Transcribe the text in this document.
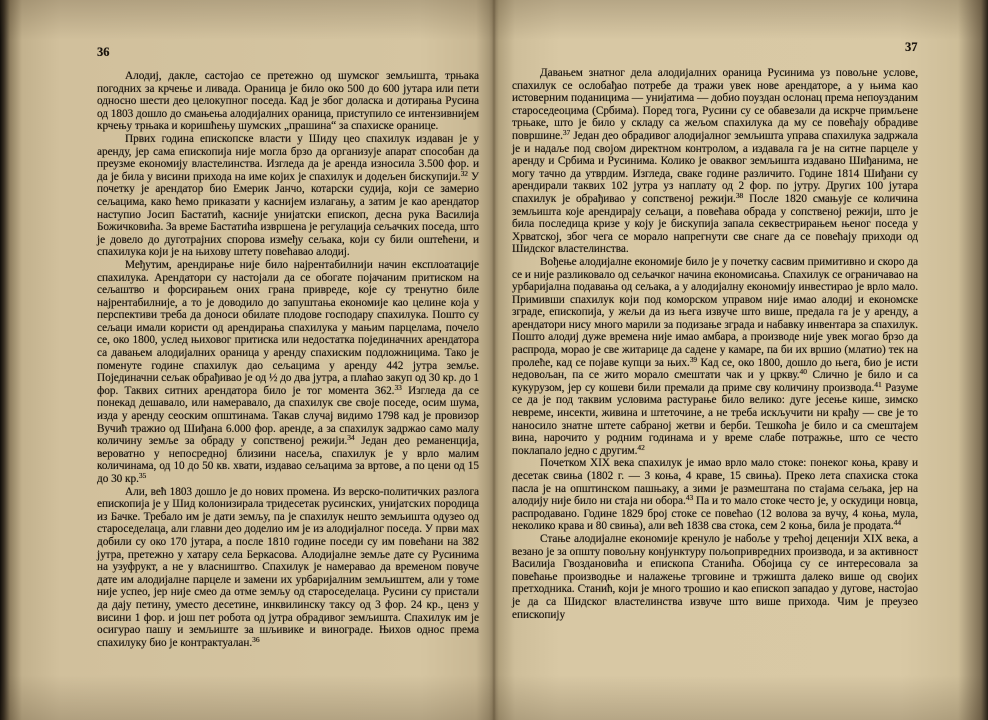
36

Алодиј, дакле, састојао се претежно од шумског земљишта, трњака погодних за крчење и ливада. Ораница је било око 500 до 600 јутара или пети односно шести део целокупног поседа. Кад је због доласка и дотирања Русина од 1803 дошло до смањења алодијалних ораница, приступило се интензивнијем крчењу трњака и коришћењу шумских „прашина“ за спахиске оранице.

Првих година епископске власти у Шиду цео спахилук издаван је у аренду, јер сама епископија није могла брзо да организује апарат способан да преузме економију властелинства. Изгледа да је аренда износила 3.500 фор. и да је била у висини прихода на име којих је спахилук и додељен бискупији.$^{32}$ У почетку је арендатор био Емерик Јанчо, котарски судија, који се замерио сељацима, како ћемо приказати у каснијем излагању, а затим је као арендатор наступио Јосип Бастатић, касније унијатски епископ, десна рука Василија Божичковића. За време Бастатића извршена је регулација сељачких поседа, што је довело до дуготрајних спорова између сељака, који су били оштећени, и спахилука који је на њихову штету повећавао алодиј.

Међутим, арендирање није било најрентабилнији начин експлоатације спахилука. Арендатори су настојали да се обогате појачаним притиском на сељаштво и форсирањем оних грана привреде, које су тренутно биле најрентабилније, а то је доводило до запуштања економије као целине која у перспективи треба да доноси обилате плодове господару спахилука. Пошто су сељаци имали користи од арендирања спахилука у мањим парцелама, почело се, око 1800, услед њиховог притиска или недостатка појединачних арендатора са давањем алодијалних ораница у аренду спахиским подложницима. Тако је поменуте године спахилук дао сељацима у аренду 442 јутра земље. Појединачни сељак обрађивао је од ½ до два јутра, а плаћао закуп од 30 кр. до 1 фор. Таквих ситних арендатора било је тог момента 362.33 Изгледа да се понекад дешавало, или намеравало, да спахилук све своје поседе, осим шума, изда у аренду сеоским општинама. Такав случај видимо 1798 кад је провизор Вучић тражио од Шиђана 6.000 фор. аренде, а за спахилук задржао само малу количину земље за обраду у сопственој режији.$^{34}$ Један део реманенција, вероватно у непосредној близини насеља, спахилук је у врло малим количинама, од 10 до 50 кв. хвати, издавао сељацима за вртове, а по цени од 15 до 30 кр.$^{35}$

Али, већ 1803 дошло је до нових промена. Из верско-политичких разлога епископија је у Шид колонизирала тридесетак русинских, унијатских породица из Бачке. Требало им је дати земљу, па је спахилук нешто земљишта одузео од староседелаца, али главни део доделио им је из алодијалног поседа. У први мах добили су око 170 јутара, а после 1810 године поседи су им повећани на 382 јутра, претежно у хатару села Беркасова. Алодијалне земље дате су Русинима на узуфрукт, а не у власништво. Спахилук је намеравао да временом повуче дате им алодијалне парцеле и замени их урбаријалним земљиштем, али у томе није успео, јер није смео да отме земљу од староседелаца. Русини су пристали да дају петину, уместо десетине, инквилинску таксу од 3 фор. 24 кр., ценз у висини 1 фор. и још пет робота од јутра обрадивог земљишта. Спахилук им је осигурао пашу и земљиште за шљивике и винограде. Њихов однос према спахилуку био је контрактуалан.$^{36}$

37

Давањем знатног дела алодијалних ораница Русинима уз повољне услове, спахилук се ослобађао потребе да тражи увек нове арендаторе, а у њима као истоверним поданицима — унијатима — добио поуздан ослонац према непоузданим староседеоцима (Србима). Поред тога, Русини су се обавезали да искрче примљене трњаке, што је било у складу са жељом спахилука да му се повећају обрадиве површине.$^{37}$ Један део обрадивог алодијалног земљишта управа спахилука задржала је и надаље под својом директном контролом, а издавала га је на ситне парцеле у аренду и Србима и Русинима. Колико је оваквог земљишта издавано Шиђанима, не могу тачно да утврдим. Изгледа, сваке године различито. Године 1814 Шиђани су арендирали таквих 102 јутра уз наплату од 2 фор. по јутру. Других 100 јутара спахилук је обрађивао у сопственој режији.$^{38}$ После 1820 смањује се количина земљишта које арендирају сељаци, а повећава обрада у сопственој режији, што је била последица кризе у коју је бискупија запала секвестрирањем њеног поседа у Хрватској, због чега се морало напрегнути све снаге да се повећају приходи од Шидског властелинства.

Вођење алодијалне економије било је у почетку сасвим примитивно и скоро да се и није разликовало од сељачког начина економисања. Спахилук се ограничавао на урбаријална подавања од сељака, а у алодијалну економију инвестирао је врло мало. Примивши спахилук који под коморском управом није имао алодиј и економске зграде, епископија, у жељи да из њега извуче што више, предала га је у аренду, а арендатори нису много марили за подизање зграда и набавку инвентара за спахилук. Пошто алодиј дуже времена није имао амбара, а производе није увек могао брзо да распрода, морао је све житарице да садене у камаре, па би их вршио (млатио) тек на пролеће, кад се појаве купци за њих.$^{39}$ Кад се, око 1800, дошло до њега, био је исти недовољан, па се жито морало смештати чак и у цркву.$^{40}$ Слично је било и са кукурузом, јер су кошеви били премали да приме сву количину производа.$^{41}$ Разуме се да је под таквим условима растурање било велико: дуге јесење кише, зимско невреме, инсекти, живина и штеточине, а не треба искључити ни крађу — све је то наносило знатне штете сабраној жетви и берби. Тешкоћа је било и са смештајем вина, нарочито у родним годинама и у време слабе потражње, што се често поклапало једно с другим.$^{42}$

Почетком XIX века спахилук је имао врло мало стоке: понеког коња, краву и десетак свиња (1802 г. — 3 коња, 4 краве, 15 свиња). Преко лета спахиска стока пасла је на општинском пашњаку, а зими је размештана по стајама сељака, јер на алодију није било ни стаја ни обора.$^{43}$ Па и то мало стоке често је, у оскудици новца, распродавано. Године 1829 број стоке се повећао (12 волова за вучу, 4 коња, мула, неколико крава и 80 свиња), али већ 1838 сва стока, сем 2 коња, била је продата.$^{44}$

Стање алодијалне економије кренуло је набоље у трећој деценији XIX века, а везано је за општу повољну конјунктуру пољопривредних производа, и за активност Василија Гвоздановића и епископа Станића. Обојица су се интересовала за повећање производње и налажење трговине и тржишта далеко више од својих претходника. Станић, који је много трошио и као епископ западао у дугове, настојао је да са Шидског властелинства извуче што више прихода. Чим је преузео епископију
